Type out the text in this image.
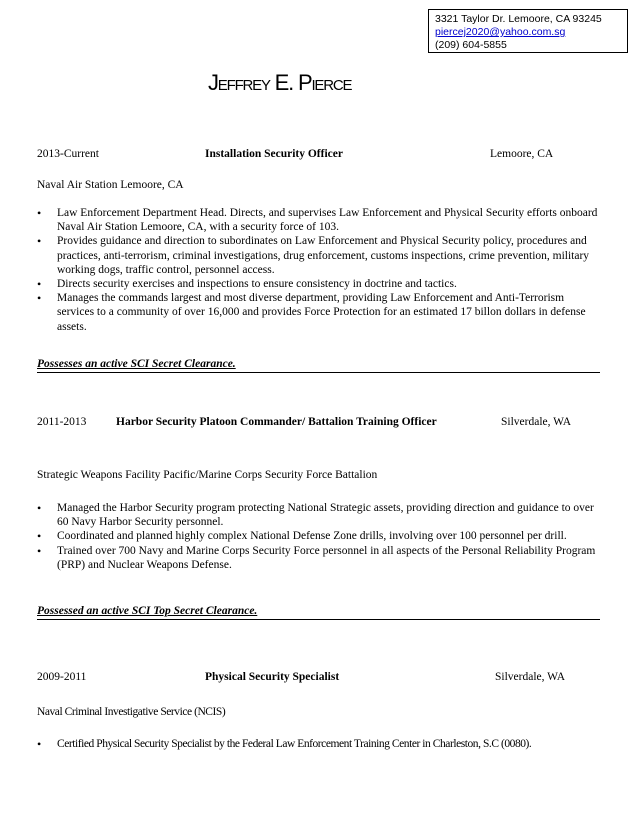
3321 Taylor Dr. Lemoore, CA 93245
piercej2020@yahoo.com.sg
(209) 604-5855
Jeffrey E. Pierce
2013-Current	Installation Security Officer	Lemoore, CA
Naval Air Station Lemoore, CA
• Law Enforcement Department Head. Directs, and supervises Law Enforcement and Physical Security efforts onboard Naval Air Station Lemoore, CA, with a security force of 103.
• Provides guidance and direction to subordinates on Law Enforcement and Physical Security policy, procedures and practices, anti-terrorism, criminal investigations, drug enforcement, customs inspections, crime prevention, military working dogs, traffic control, personnel access.
• Directs security exercises and inspections to ensure consistency in doctrine and tactics.
• Manages the commands largest and most diverse department, providing Law Enforcement and Anti-Terrorism services to a community of over 16,000 and provides Force Protection for an estimated 17 billon dollars in defense assets.
Possesses an active SCI Secret Clearance.
2011-2013	Harbor Security Platoon Commander/ Battalion Training Officer	Silverdale, WA
Strategic Weapons Facility Pacific/Marine Corps Security Force Battalion
• Managed the Harbor Security program protecting National Strategic assets, providing direction and guidance to over 60 Navy Harbor Security personnel.
• Coordinated and planned highly complex National Defense Zone drills, involving over 100 personnel per drill.
• Trained over 700 Navy and Marine Corps Security Force personnel in all aspects of the Personal Reliability Program (PRP) and Nuclear Weapons Defense.
Possessed an active SCI Top Secret Clearance.
2009-2011	Physical Security Specialist	Silverdale, WA
Naval Criminal Investigative Service (NCIS)
• Certified Physical Security Specialist by the Federal Law Enforcement Training Center in Charleston, S.C (0080).
